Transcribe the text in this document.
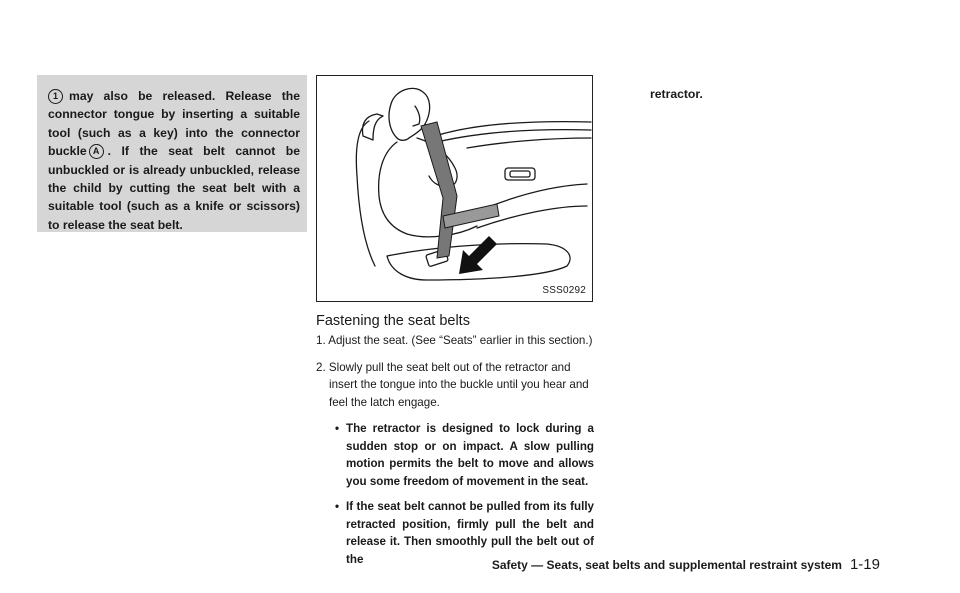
1 may also be released. Release the connector tongue by inserting a suitable tool (such as a key) into the connector buckle A . If the seat belt cannot be unbuckled or is already unbuckled, release the child by cutting the seat belt with a suitable tool (such as a knife or scissors) to release the seat belt.
SSS0292
Fastening the seat belts
1. Adjust the seat. (See “Seats” earlier in this section.)
2. Slowly pull the seat belt out of the retractor and insert the tongue into the buckle until you hear and feel the latch engage.
• The retractor is designed to lock during a sudden stop or on impact. A slow pulling motion permits the belt to move and allows you some freedom of movement in the seat.
• If the seat belt cannot be pulled from its fully retracted position, firmly pull the belt and release it. Then smoothly pull the belt out of the
retractor.
Safety — Seats, seat belts and supplemental restraint system 1-19
